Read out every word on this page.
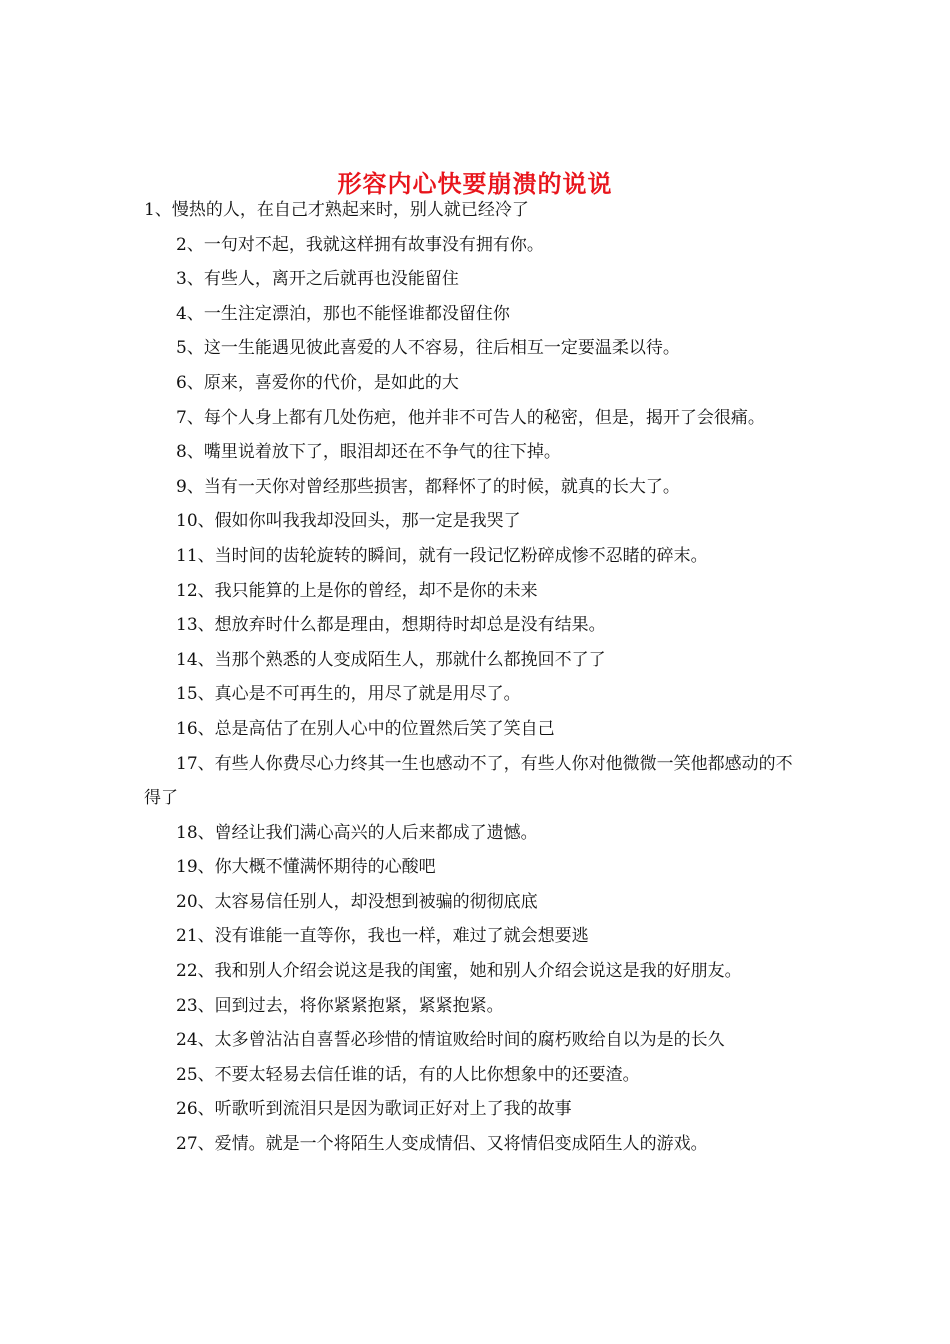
形容内心快要崩溃的说说

1、慢热的人，在自己才熟起来时，别人就已经冷了

2、一句对不起，我就这样拥有故事没有拥有你。

3、有些人，离开之后就再也没能留住

4、一生注定漂泊，那也不能怪谁都没留住你

5、这一生能遇见彼此喜爱的人不容易，往后相互一定要温柔以待。

6、原来，喜爱你的代价，是如此的大

7、每个人身上都有几处伤疤，他并非不可告人的秘密，但是，揭开了会很痛。

8、嘴里说着放下了，眼泪却还在不争气的往下掉。

9、当有一天你对曾经那些损害，都释怀了的时候，就真的长大了。

10、假如你叫我我却没回头，那一定是我哭了

11、当时间的齿轮旋转的瞬间，就有一段记忆粉碎成惨不忍睹的碎末。

12、我只能算的上是你的曾经，却不是你的未来

13、想放弃时什么都是理由，想期待时却总是没有结果。

14、当那个熟悉的人变成陌生人，那就什么都挽回不了了

15、真心是不可再生的，用尽了就是用尽了。

16、总是高估了在别人心中的位置然后笑了笑自己

17、有些人你费尽心力终其一生也感动不了，有些人你对他微微一笑他都感动的不得了

18、曾经让我们满心高兴的人后来都成了遗憾。

19、你大概不懂满怀期待的心酸吧

20、太容易信任别人，却没想到被骗的彻彻底底

21、没有谁能一直等你，我也一样，难过了就会想要逃

22、我和别人介绍会说这是我的闺蜜，她和别人介绍会说这是我的好朋友。

23、回到过去，将你紧紧抱紧，紧紧抱紧。

24、太多曾沾沾自喜誓必珍惜的情谊败给时间的腐朽败给自以为是的长久

25、不要太轻易去信任谁的话，有的人比你想象中的还要渣。

26、听歌听到流泪只是因为歌词正好对上了我的故事

27、爱情。就是一个将陌生人变成情侣、又将情侣变成陌生人的游戏。
